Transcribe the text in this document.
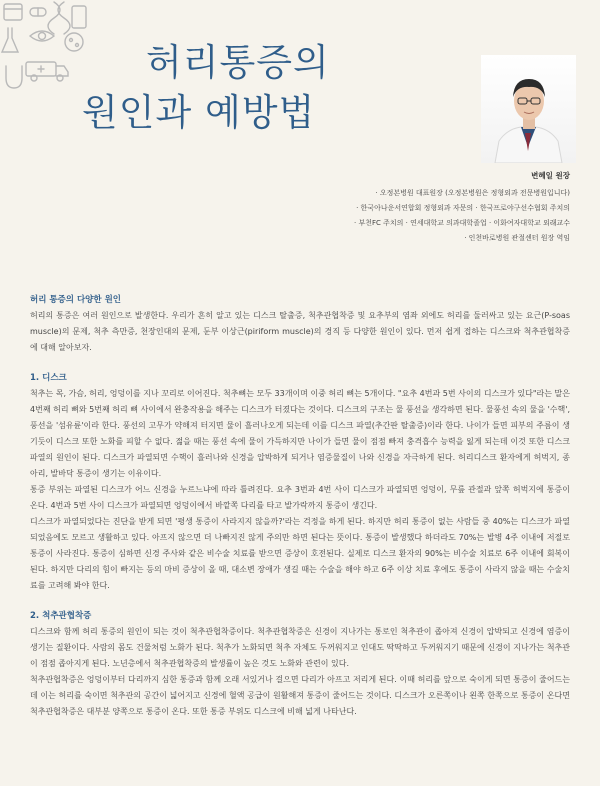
허리통증의
원인과 예방법
변혜일 원장
· 오정본병원 대표원장 (오정본병원은 정형외과 전문병원입니다)
· 한국아나운서연합회 정형외과 자문의 · 한국프로야구선수협회 주치의
· 부천FC 주치의 · 연세대학교 의과대학졸업 · 이화여자대학교 외래교수
· 인천바로병원 관절센터 원장 역임
허리 통증의 다양한 원인

허리의 통증은 여러 원인으로 발생한다. 우리가 흔히 알고 있는 디스크 탈출증, 척추관협착증 및 요추부의 염좌 외에도 허리를 둘러싸고 있는 요근(P-soas muscle)의 문제, 척추 측만증, 천장인대의 문제, 둔부 이상근(piriform muscle)의 경직 등 다양한 원인이 있다. 먼저 쉽게 접하는 디스크와 척추관협착증에 대해 알아보자.

1. 디스크

척추는 목, 가슴, 허리, 엉덩이를 지나 꼬리로 이어진다. 척추뼈는 모두 33개이며 이중 허리 뼈는 5개이다. "요추 4번과 5번 사이의 디스크가 있다"라는 말은 4번째 허리 뼈와 5번째 허리 뼈 사이에서 완충작용을 해주는 디스크가 터졌다는 것이다. 디스크의 구조는 물 풍선을 생각하면 된다. 물풍선 속의 물을 '수핵', 풍선을 '섬유륜'이라 한다. 풍선의 고무가 약해져 터지면 물이 흘러나오게 되는데 이를 디스크 파열(추간판 탈출증)이라 한다. 나이가 들면 피부의 주름이 생기듯이 디스크 또한 노화를 피할 수 없다. 젊을 때는 풍선 속에 물이 가득하지만 나이가 들면 물이 점점 빠져 충격흡수 능력을 잃게 되는데 이것 또한 디스크 파열의 원인이 된다. 디스크가 파열되면 수핵이 흘러나와 신경을 압박하게 되거나 염증물질이 나와 신경을 자극하게 된다. 허리디스크 환자에게 허벅지, 종아리, 발바닥 통증이 생기는 이유이다.

통증 부위는 파열된 디스크가 어느 신경을 누르느냐에 따라 틀려진다. 요추 3번과 4번 사이 디스크가 파열되면 엉덩이, 무릎 관절과 앞쪽 허벅지에 통증이 온다. 4번과 5번 사이 디스크가 파열되면 엉덩이에서 바깥쪽 다리를 타고 발가락까지 통증이 생긴다.

디스크가 파열되었다는 진단을 받게 되면 '평생 통증이 사라지지 않을까?'라는 걱정을 하게 된다. 하지만 허리 통증이 없는 사람들 중 40%는 디스크가 파열되었음에도 모르고 생활하고 있다. 아프지 않으면 더 나빠지진 않게 주의만 하면 된다는 뜻이다. 통증이 발생했다 하더라도 70%는 발병 4주 이내에 저절로 통증이 사라진다. 통증이 심하면 신경 주사와 같은 비수술 치료를 받으면 증상이 호전된다. 실제로 디스크 환자의 90%는 비수술 치료로 6주 이내에 회복이 된다. 하지만 다리의 힘이 빠지는 등의 마비 증상이 올 때, 대소변 장애가 생길 때는 수술을 해야 하고 6주 이상 치료 후에도 통증이 사라지 않을 때는 수술치료를 고려해 봐야 한다.

2. 척추관협착증

디스크와 함께 허리 통증의 원인이 되는 것이 척추관협착증이다. 척추관협착증은 신경이 지나가는 통로인 척추관이 좁아져 신경이 압박되고 신경에 염증이 생기는 질환이다. 사람의 몸도 건물처럼 노화가 된다. 척추가 노화되면 척추 자체도 두꺼워지고 인대도 딱딱하고 두꺼워지기 때문에 신경이 지나가는 척추관이 점점 좁아지게 된다. 노년층에서 척추관협착증의 발생률이 높은 것도 노화와 관련이 있다.

척추관협착증은 엉덩이부터 다리까지 심한 통증과 함께 오래 서있거나 걸으면 다리가 아프고 저리게 된다. 이때 허리를 앞으로 숙이게 되면 통증이 줄어드는데 이는 허리를 숙이면 척추관의 공간이 넓어지고 신경에 혈액 공급이 원활해져 통증이 줄어드는 것이다. 디스크가 오른쪽이나 왼쪽 한쪽으로 통증이 온다면 척추관협착증은 대부분 양쪽으로 통증이 온다. 또한 통증 부위도 디스크에 비해 넓게 나타난다.
